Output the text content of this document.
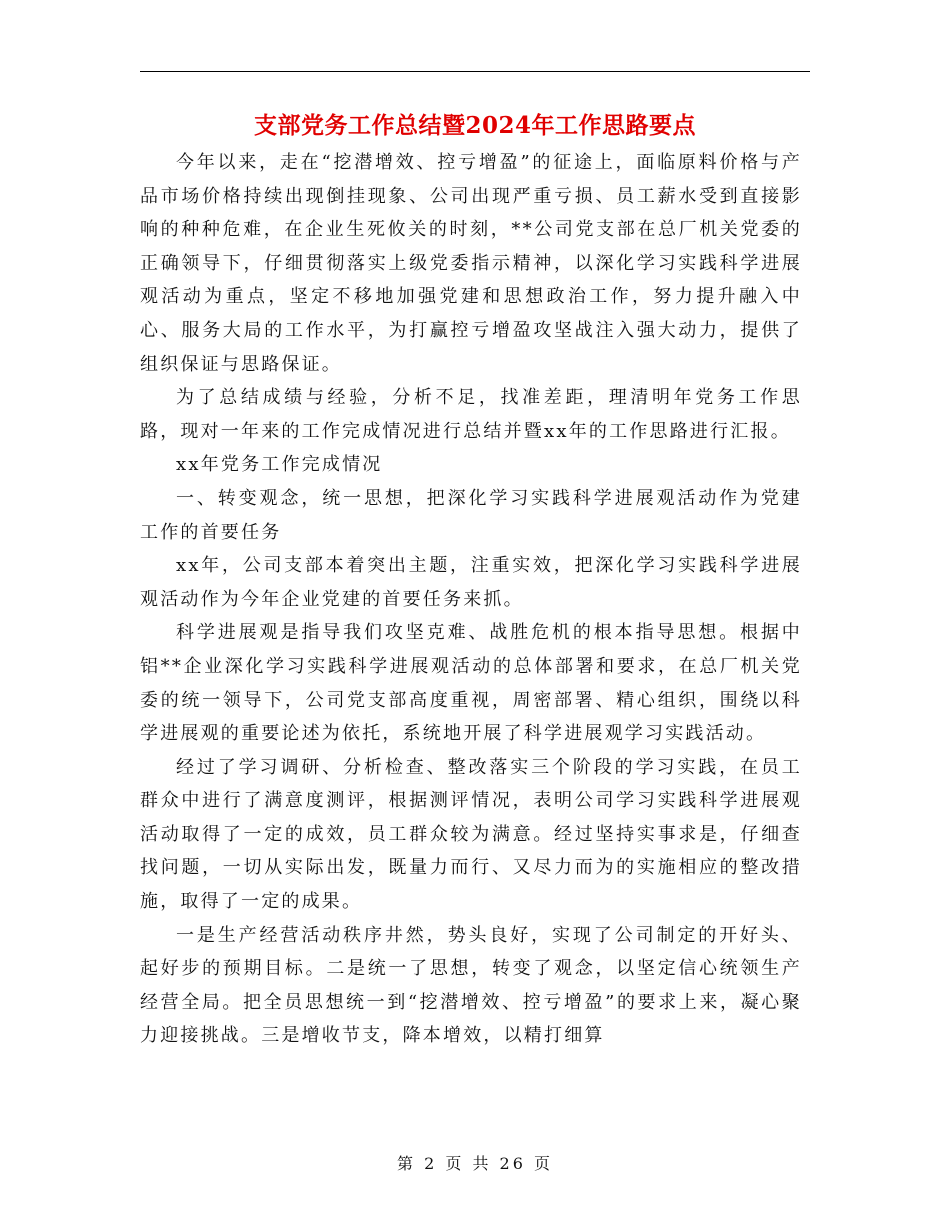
支部党务工作总结暨2024年工作思路要点

今年以来，走在“挖潜增效、控亏增盈”的征途上，面临原料价格与产品市场价格持续出现倒挂现象、公司出现严重亏损、员工薪水受到直接影响的种种危难，在企业生死攸关的时刻，**公司党支部在总厂机关党委的正确领导下，仔细贯彻落实上级党委指示精神，以深化学习实践科学进展观活动为重点，坚定不移地加强党建和思想政治工作，努力提升融入中心、服务大局的工作水平，为打赢控亏增盈攻坚战注入强大动力，提供了组织保证与思路保证。

为了总结成绩与经验，分析不足，找准差距，理清明年党务工作思路，现对一年来的工作完成情况进行总结并暨xx年的工作思路进行汇报。

xx年党务工作完成情况

一、转变观念，统一思想，把深化学习实践科学进展观活动作为党建工作的首要任务

xx年，公司支部本着突出主题，注重实效，把深化学习实践科学进展观活动作为今年企业党建的首要任务来抓。

科学进展观是指导我们攻坚克难、战胜危机的根本指导思想。根据中铝**企业深化学习实践科学进展观活动的总体部署和要求，在总厂机关党委的统一领导下，公司党支部高度重视，周密部署、精心组织，围绕以科学进展观的重要论述为依托，系统地开展了科学进展观学习实践活动。

经过了学习调研、分析检查、整改落实三个阶段的学习实践，在员工群众中进行了满意度测评，根据测评情况，表明公司学习实践科学进展观活动取得了一定的成效，员工群众较为满意。经过坚持实事求是，仔细查找问题，一切从实际出发，既量力而行、又尽力而为的实施相应的整改措施，取得了一定的成果。

一是生产经营活动秩序井然，势头良好，实现了公司制定的开好头、起好步的预期目标。二是统一了思想，转变了观念，以坚定信心统领生产经营全局。把全员思想统一到“挖潜增效、控亏增盈”的要求上来，凝心聚力迎接挑战。三是增收节支，降本增效，以精打细算

第 2 页 共 26 页
